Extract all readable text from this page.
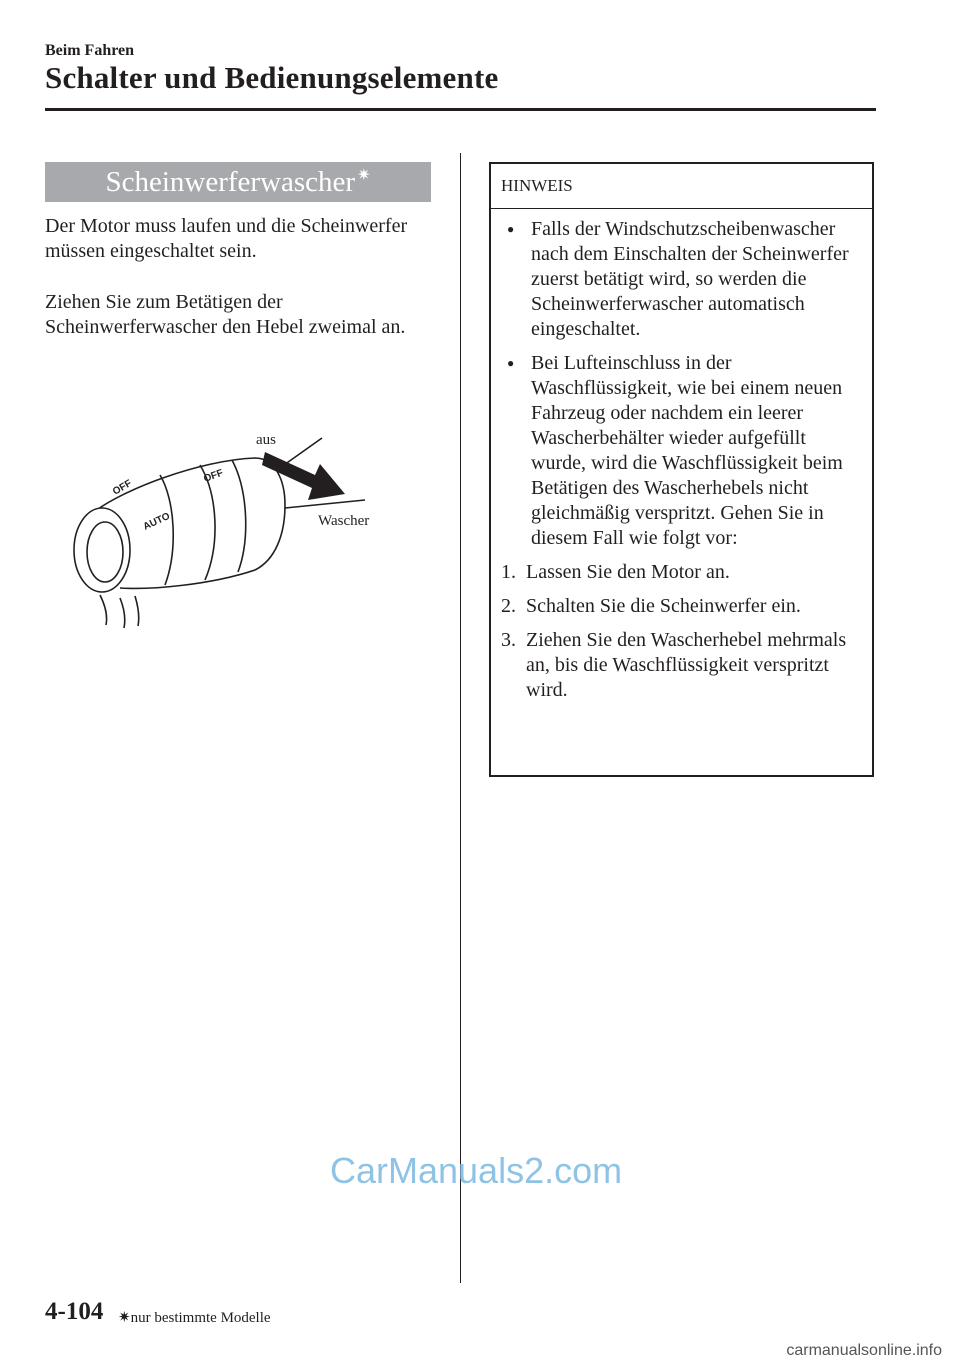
Beim Fahren
Schalter und Bedienungselemente
Scheinwerferwascher ✷

Der Motor muss laufen und die Scheinwerfer müssen eingeschaltet sein.

Ziehen Sie zum Betätigen der Scheinwerferwascher den Hebel zweimal an.

OFF
AUTO
OFF
aus
Wascher
HINWEIS
● Falls der Windschutzscheibenwascher nach dem Einschalten der Scheinwerfer zuerst betätigt wird, so werden die Scheinwerferwascher automatisch eingeschaltet.
● Bei Lufteinschluss in der Waschflüssigkeit, wie bei einem neuen Fahrzeug oder nachdem ein leerer Wascherbehälter wieder aufgefüllt wurde, wird die Waschflüssigkeit beim Betätigen des Wascherhebels nicht gleichmäßig verspritzt. Gehen Sie in diesem Fall wie folgt vor:
1. Lassen Sie den Motor an.
2. Schalten Sie die Scheinwerfer ein.
3. Ziehen Sie den Wascherhebel mehrmals an, bis die Waschflüssigkeit verspritzt wird.
CarManuals2.com
4-104 ✷nur bestimmte Modelle
carmanualsonline.info
